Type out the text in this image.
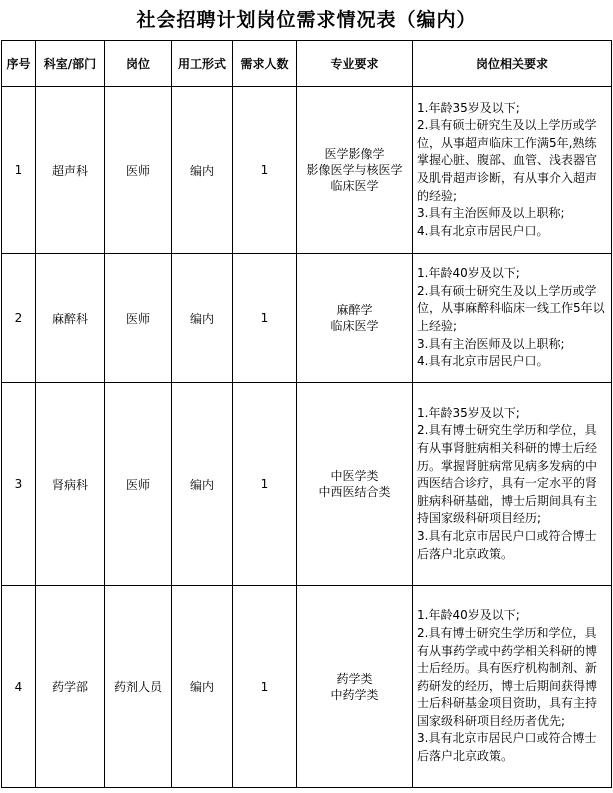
社会招聘计划岗位需求情况表（编内）
序号	科室/部门	岗位	用工形式	需求人数	专业要求	岗位相关要求
1	超声科	医师	编内	1	医学影像学
影像医学与核医学
临床医学	1.年龄35岁及以下;
2.具有硕士研究生及以上学历或学位，从事超声临床工作满5年,熟练掌握心脏、腹部、血管、浅表器官及肌骨超声诊断，有从事介入超声的经验;
3.具有主治医师及以上职称;
4.具有北京市居民户口。

2	麻醉科	医师	编内	1	麻醉学
临床医学	1.年龄40岁及以下;
2.具有硕士研究生及以上学历或学位，从事麻醉科临床一线工作5年以上经验;
3.具有主治医师及以上职称;
4.具有北京市居民户口。

3	肾病科	医师	编内	1	中医学类
中西医结合类	1.年龄35岁及以下;
2.具有博士研究生学历和学位，具有从事肾脏病相关科研的博士后经历。掌握肾脏病常见病多发病的中西医结合诊疗，具有一定水平的肾脏病科研基础，博士后期间具有主持国家级科研项目经历;
3.具有北京市居民户口或符合博士后落户北京政策。

4	药学部	药剂人员	编内	1	药学类
中药学类	1.年龄40岁及以下;
2.具有博士研究生学历和学位，具有从事药学或中药学相关科研的博士后经历。具有医疗机构制剂、新药研发的经历，博士后期间获得博士后科研基金项目资助，具有主持国家级科研项目经历者优先;
3.具有北京市居民户口或符合博士后落户北京政策。
